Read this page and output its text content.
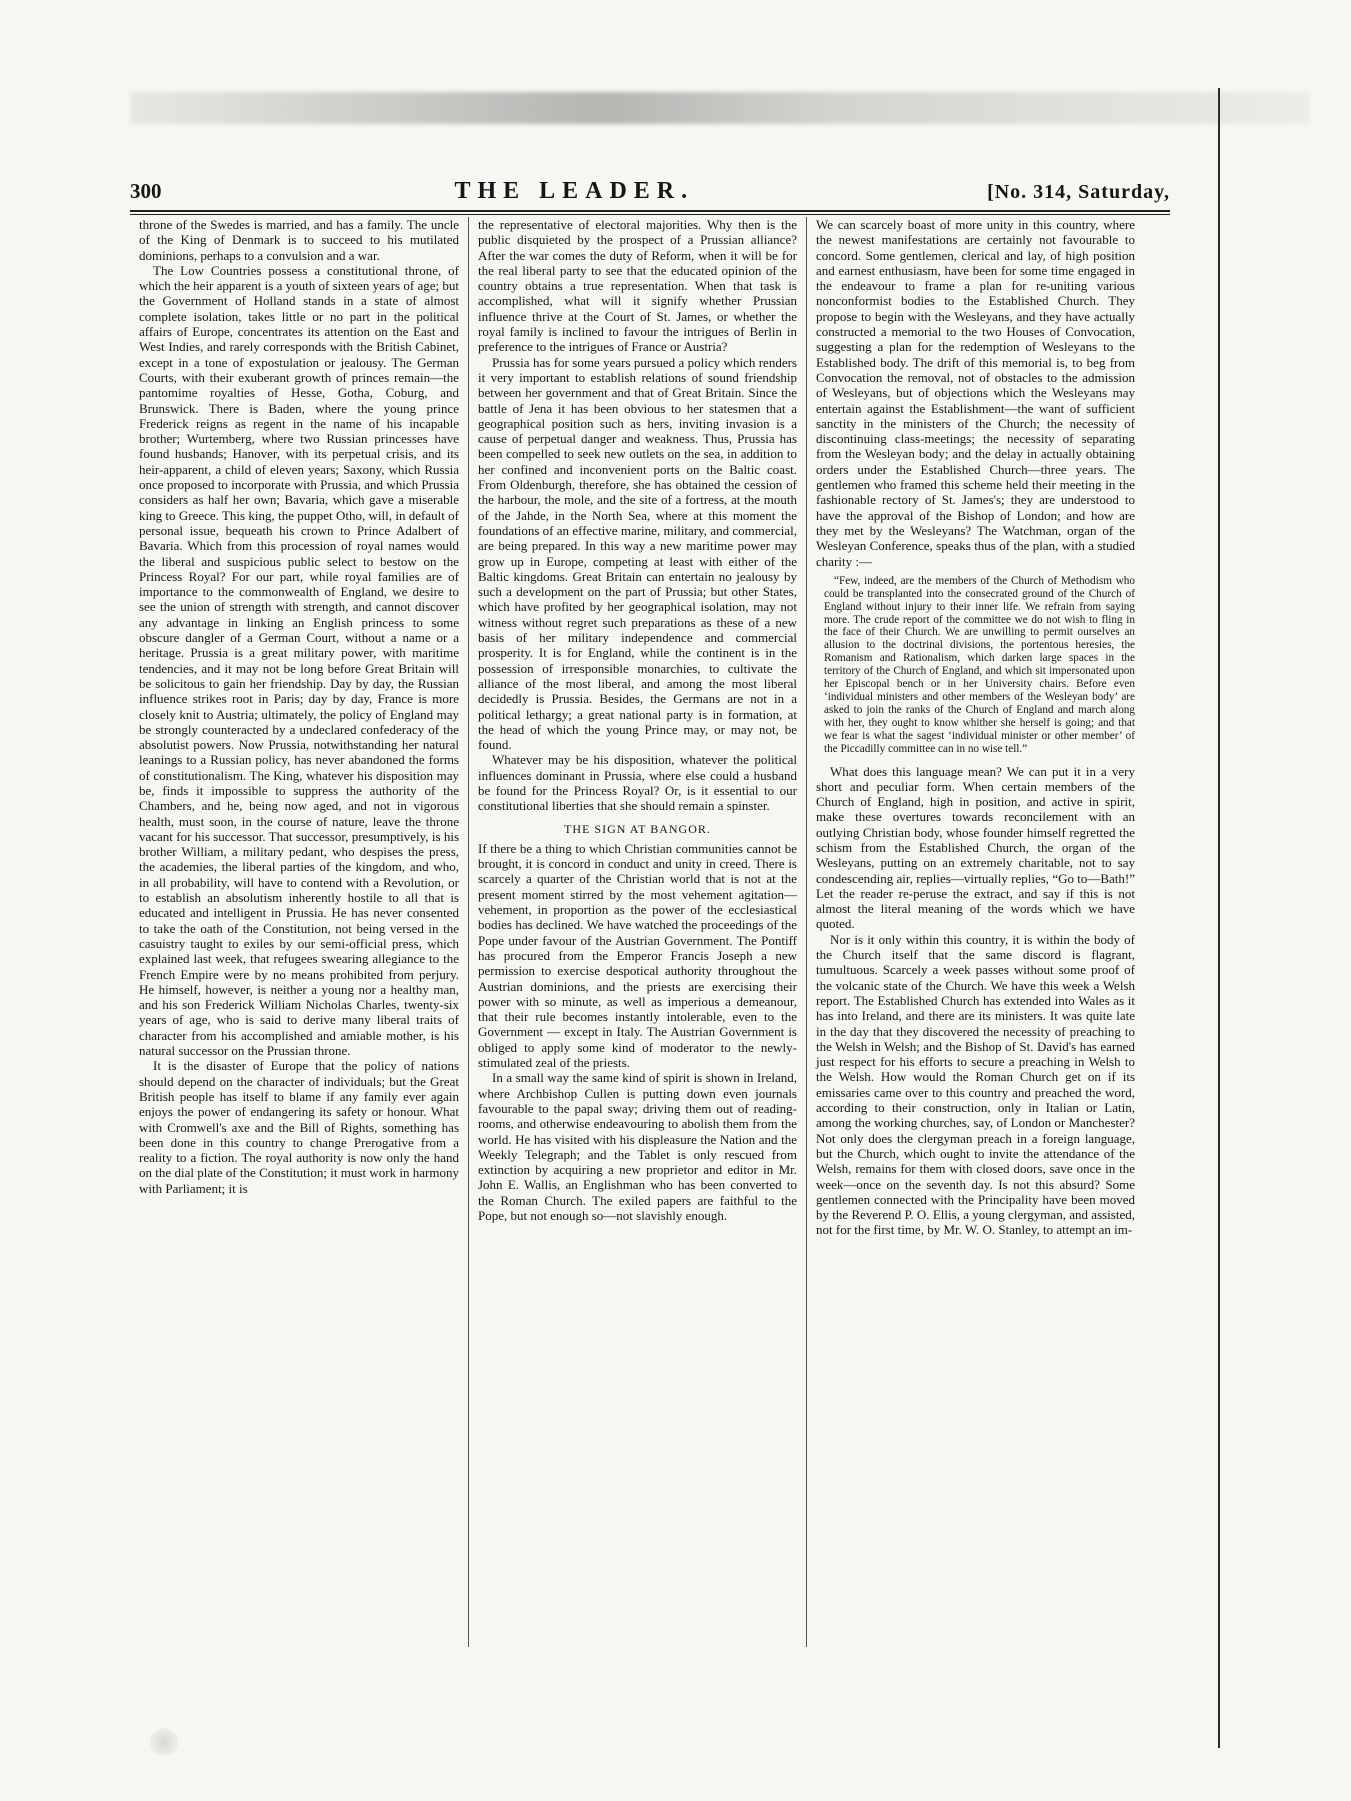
300	THE LEADER.	[No. 314, Saturday,

throne of the Swedes is married, and has a family. The uncle of the King of Denmark is to succeed to his mutilated dominions, perhaps to a convulsion and a war.

The Low Countries possess a constitutional throne, of which the heir apparent is a youth of sixteen years of age; but the Government of Holland stands in a state of almost complete isolation, takes little or no part in the political affairs of Europe, concentrates its attention on the East and West Indies, and rarely corresponds with the British Cabinet, except in a tone of expostulation or jealousy. The German Courts, with their exuberant growth of princes remain—the pantomime royalties of Hesse, Gotha, Coburg, and Brunswick. There is Baden, where the young prince Frederick reigns as regent in the name of his incapable brother; Wurtemberg, where two Russian princesses have found husbands; Hanover, with its perpetual crisis, and its heir-apparent, a child of eleven years; Saxony, which Russia once proposed to incorporate with Prussia, and which Prussia considers as half her own; Bavaria, which gave a miserable king to Greece. This king, the puppet Otho, will, in default of personal issue, bequeath his crown to Prince Adalbert of Bavaria. Which from this procession of royal names would the liberal and suspicious public select to bestow on the Princess Royal? For our part, while royal families are of importance to the commonwealth of England, we desire to see the union of strength with strength, and cannot discover any advantage in linking an English princess to some obscure dangler of a German Court, without a name or a heritage. Prussia is a great military power, with maritime tendencies, and it may not be long before Great Britain will be solicitous to gain her friendship. Day by day, the Russian influence strikes root in Paris; day by day, France is more closely knit to Austria; ultimately, the policy of England may be strongly counteracted by a undeclared confederacy of the absolutist powers. Now Prussia, notwithstanding her natural leanings to a Russian policy, has never abandoned the forms of constitutionalism. The King, whatever his disposition may be, finds it impossible to suppress the authority of the Chambers, and he, being now aged, and not in vigorous health, must soon, in the course of nature, leave the throne vacant for his successor. That successor, presumptively, is his brother William, a military pedant, who despises the press, the academies, the liberal parties of the kingdom, and who, in all probability, will have to contend with a Revolution, or to establish an absolutism inherently hostile to all that is educated and intelligent in Prussia. He has never consented to take the oath of the Constitution, not being versed in the casuistry taught to exiles by our semi-official press, which explained last week, that refugees swearing allegiance to the French Empire were by no means prohibited from perjury. He himself, however, is neither a young nor a healthy man, and his son Frederick William Nicholas Charles, twenty-six years of age, who is said to derive many liberal traits of character from his accomplished and amiable mother, is his natural successor on the Prussian throne.

It is the disaster of Europe that the policy of nations should depend on the character of individuals; but the Great British people has itself to blame if any family ever again enjoys the power of endangering its safety or honour. What with Cromwell's axe and the Bill of Rights, something has been done in this country to change Prerogative from a reality to a fiction. The royal authority is now only the hand on the dial plate of the Constitution; it must work in harmony with Parliament; it is

the representative of electoral majorities. Why then is the public disquieted by the prospect of a Prussian alliance? After the war comes the duty of Reform, when it will be for the real liberal party to see that the educated opinion of the country obtains a true representation. When that task is accomplished, what will it signify whether Prussian influence thrive at the Court of St. James, or whether the royal family is inclined to favour the intrigues of Berlin in preference to the intrigues of France or Austria?

Prussia has for some years pursued a policy which renders it very important to establish relations of sound friendship between her government and that of Great Britain. Since the battle of Jena it has been obvious to her statesmen that a geographical position such as hers, inviting invasion is a cause of perpetual danger and weakness. Thus, Prussia has been compelled to seek new outlets on the sea, in addition to her confined and inconvenient ports on the Baltic coast. From Oldenburgh, therefore, she has obtained the cession of the harbour, the mole, and the site of a fortress, at the mouth of the Jahde, in the North Sea, where at this moment the foundations of an effective marine, military, and commercial, are being prepared. In this way a new maritime power may grow up in Europe, competing at least with either of the Baltic kingdoms. Great Britain can entertain no jealousy by such a development on the part of Prussia; but other States, which have profited by her geographical isolation, may not witness without regret such preparations as these of a new basis of her military independence and commercial prosperity. It is for England, while the continent is in the possession of irresponsible monarchies, to cultivate the alliance of the most liberal, and among the most liberal decidedly is Prussia. Besides, the Germans are not in a political lethargy; a great national party is in formation, at the head of which the young Prince may, or may not, be found.

Whatever may be his disposition, whatever the political influences dominant in Prussia, where else could a husband be found for the Princess Royal? Or, is it essential to our constitutional liberties that she should remain a spinster.

THE SIGN AT BANGOR.

If there be a thing to which Christian communities cannot be brought, it is concord in conduct and unity in creed. There is scarcely a quarter of the Christian world that is not at the present moment stirred by the most vehement agitation—vehement, in proportion as the power of the ecclesiastical bodies has declined. We have watched the proceedings of the Pope under favour of the Austrian Government. The Pontiff has procured from the Emperor Francis Joseph a new permission to exercise despotical authority throughout the Austrian dominions, and the priests are exercising their power with so minute, as well as imperious a demeanour, that their rule becomes instantly intolerable, even to the Government — except in Italy. The Austrian Government is obliged to apply some kind of moderator to the newly-stimulated zeal of the priests.

In a small way the same kind of spirit is shown in Ireland, where Archbishop Cullen is putting down even journals favourable to the papal sway; driving them out of reading-rooms, and otherwise endeavouring to abolish them from the world. He has visited with his displeasure the Nation and the Weekly Telegraph; and the Tablet is only rescued from extinction by acquiring a new proprietor and editor in Mr. John E. Wallis, an Englishman who has been converted to the Roman Church. The exiled papers are faithful to the Pope, but not enough so—not slavishly enough.

We can scarcely boast of more unity in this country, where the newest manifestations are certainly not favourable to concord. Some gentlemen, clerical and lay, of high position and earnest enthusiasm, have been for some time engaged in the endeavour to frame a plan for re-uniting various nonconformist bodies to the Established Church. They propose to begin with the Wesleyans, and they have actually constructed a memorial to the two Houses of Convocation, suggesting a plan for the redemption of Wesleyans to the Established body. The drift of this memorial is, to beg from Convocation the removal, not of obstacles to the admission of Wesleyans, but of objections which the Wesleyans may entertain against the Establishment—the want of sufficient sanctity in the ministers of the Church; the necessity of discontinuing class-meetings; the necessity of separating from the Wesleyan body; and the delay in actually obtaining orders under the Established Church—three years. The gentlemen who framed this scheme held their meeting in the fashionable rectory of St. James's; they are understood to have the approval of the Bishop of London; and how are they met by the Wesleyans? The Watchman, organ of the Wesleyan Conference, speaks thus of the plan, with a studied charity :—

“Few, indeed, are the members of the Church of Methodism who could be transplanted into the consecrated ground of the Church of England without injury to their inner life. We refrain from saying more. The crude report of the committee we do not wish to fling in the face of their Church. We are unwilling to permit ourselves an allusion to the doctrinal divisions, the portentous heresies, the Romanism and Rationalism, which darken large spaces in the territory of the Church of England, and which sit impersonated upon her Episcopal bench or in her University chairs. Before even ‘individual ministers and other members of the Wesleyan body’ are asked to join the ranks of the Church of England and march along with her, they ought to know whither she herself is going; and that we fear is what the sagest ‘individual minister or other member’ of the Piccadilly committee can in no wise tell.”

What does this language mean? We can put it in a very short and peculiar form. When certain members of the Church of England, high in position, and active in spirit, make these overtures towards reconcilement with an outlying Christian body, whose founder himself regretted the schism from the Established Church, the organ of the Wesleyans, putting on an extremely charitable, not to say condescending air, replies—virtually replies, “Go to—Bath!” Let the reader re-peruse the extract, and say if this is not almost the literal meaning of the words which we have quoted.

Nor is it only within this country, it is within the body of the Church itself that the same discord is flagrant, tumultuous. Scarcely a week passes without some proof of the volcanic state of the Church. We have this week a Welsh report. The Established Church has extended into Wales as it has into Ireland, and there are its ministers. It was quite late in the day that they discovered the necessity of preaching to the Welsh in Welsh; and the Bishop of St. David's has earned just respect for his efforts to secure a preaching in Welsh to the Welsh. How would the Roman Church get on if its emissaries came over to this country and preached the word, according to their construction, only in Italian or Latin, among the working churches, say, of London or Manchester? Not only does the clergyman preach in a foreign language, but the Church, which ought to invite the attendance of the Welsh, remains for them with closed doors, save once in the week—once on the seventh day. Is not this absurd? Some gentlemen connected with the Principality have been moved by the Reverend P. O. Ellis, a young clergyman, and assisted, not for the first time, by Mr. W. O. Stanley, to attempt an im-
